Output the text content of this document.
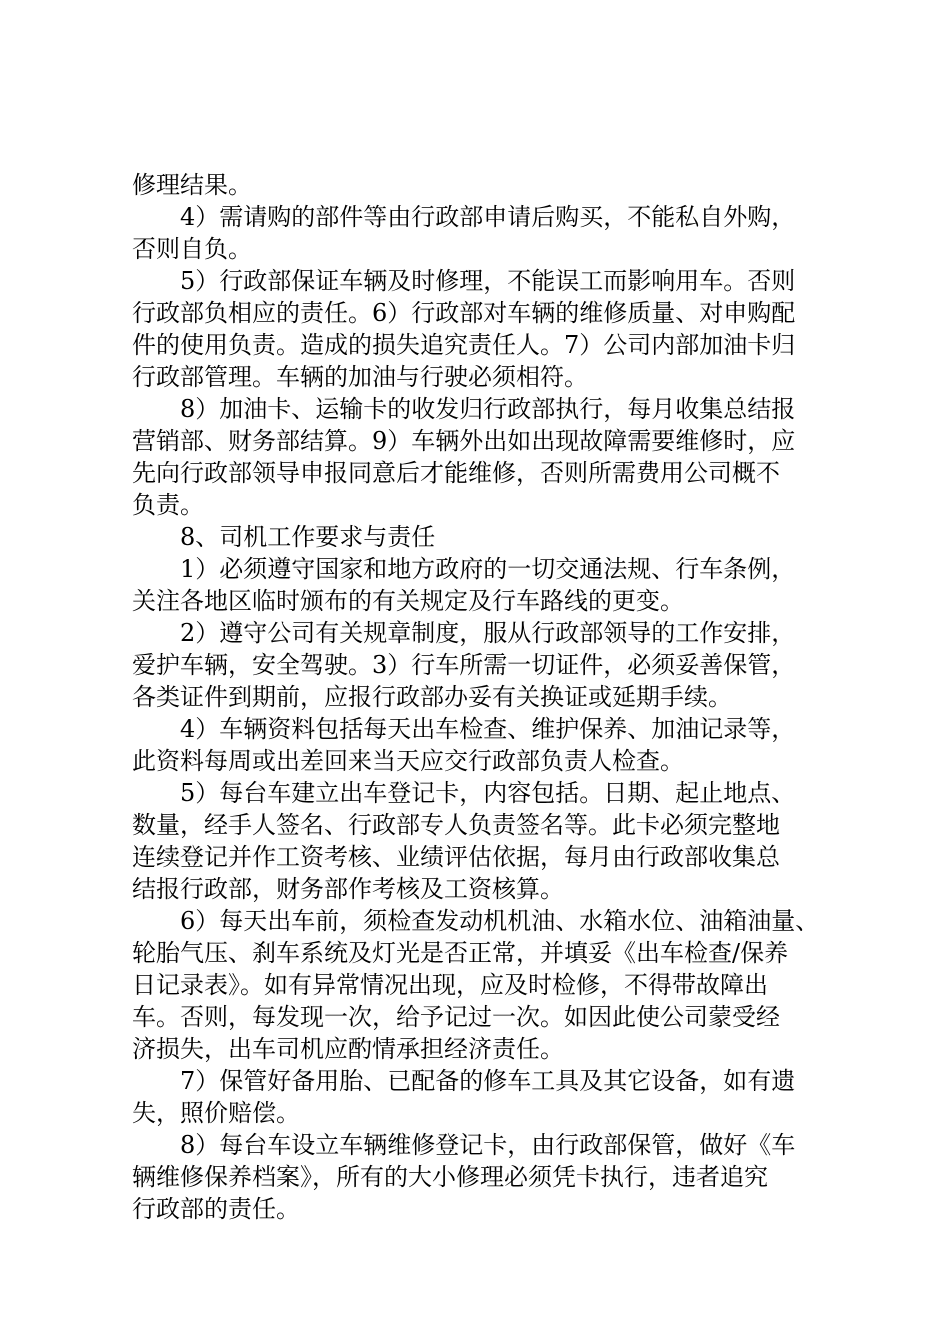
修理结果。
　　4）需请购的部件等由行政部申请后购买，不能私自外购，
否则自负。
　　5）行政部保证车辆及时修理，不能误工而影响用车。否则
行政部负相应的责任。6）行政部对车辆的维修质量、对申购配
件的使用负责。造成的损失追究责任人。7）公司内部加油卡归
行政部管理。车辆的加油与行驶必须相符。
　　8）加油卡、运输卡的收发归行政部执行，每月收集总结报
营销部、财务部结算。9）车辆外出如出现故障需要维修时，应
先向行政部领导申报同意后才能维修，否则所需费用公司概不
负责。
　　8、司机工作要求与责任
　　1）必须遵守国家和地方政府的一切交通法规、行车条例，
关注各地区临时颁布的有关规定及行车路线的更变。
　　2）遵守公司有关规章制度，服从行政部领导的工作安排，
爱护车辆，安全驾驶。3）行车所需一切证件，必须妥善保管，
各类证件到期前，应报行政部办妥有关换证或延期手续。
　　4）车辆资料包括每天出车检查、维护保养、加油记录等，
此资料每周或出差回来当天应交行政部负责人检查。
　　5）每台车建立出车登记卡，内容包括。日期、起止地点、
数量，经手人签名、行政部专人负责签名等。此卡必须完整地
连续登记并作工资考核、业绩评估依据，每月由行政部收集总
结报行政部，财务部作考核及工资核算。
　　6）每天出车前，须检查发动机机油、水箱水位、油箱油量、
轮胎气压、刹车系统及灯光是否正常，并填妥《出车检查/保养
日记录表》。如有异常情况出现，应及时检修，不得带故障出
车。否则，每发现一次，给予记过一次。如因此使公司蒙受经
济损失，出车司机应酌情承担经济责任。
　　7）保管好备用胎、已配备的修车工具及其它设备，如有遗
失，照价赔偿。
　　8）每台车设立车辆维修登记卡，由行政部保管，做好《车
辆维修保养档案》，所有的大小修理必须凭卡执行，违者追究
行政部的责任。
